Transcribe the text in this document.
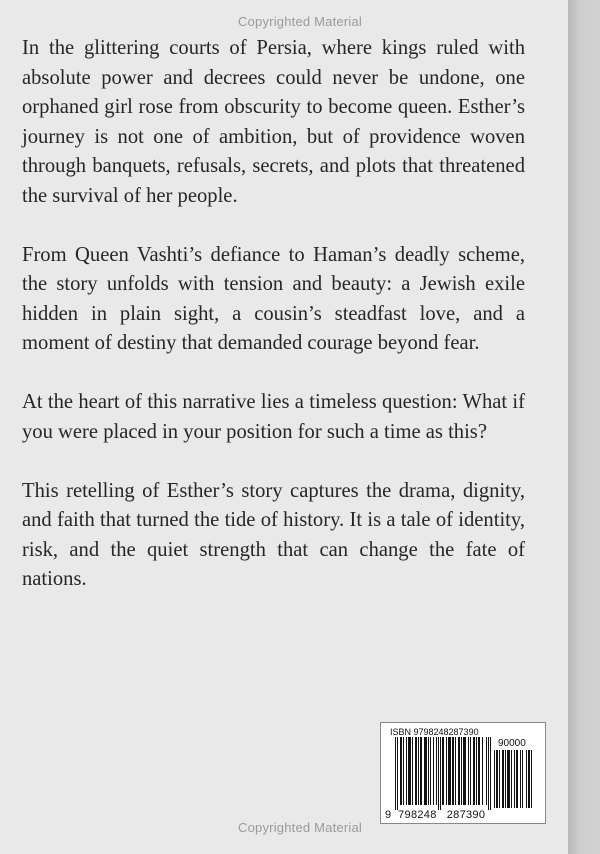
Copyrighted Material

In the glittering courts of Persia, where kings ruled with absolute power and decrees could never be undone, one orphaned girl rose from obscurity to become queen. Esther’s journey is not one of ambition, but of providence woven through banquets, refusals, secrets, and plots that threatened the survival of her people.

From Queen Vashti’s defiance to Haman’s deadly scheme, the story unfolds with tension and beauty: a Jewish exile hidden in plain sight, a cousin’s steadfast love, and a moment of destiny that demanded courage beyond fear.

At the heart of this narrative lies a timeless question: What if you were placed in your position for such a time as this?

This retelling of Esther’s story captures the drama, dignity, and faith that turned the tide of history. It is a tale of identity, risk, and the quiet strength that can change the fate of nations.

ISBN 9798248287390
90000
9 798248 287390
Copyrighted Material
